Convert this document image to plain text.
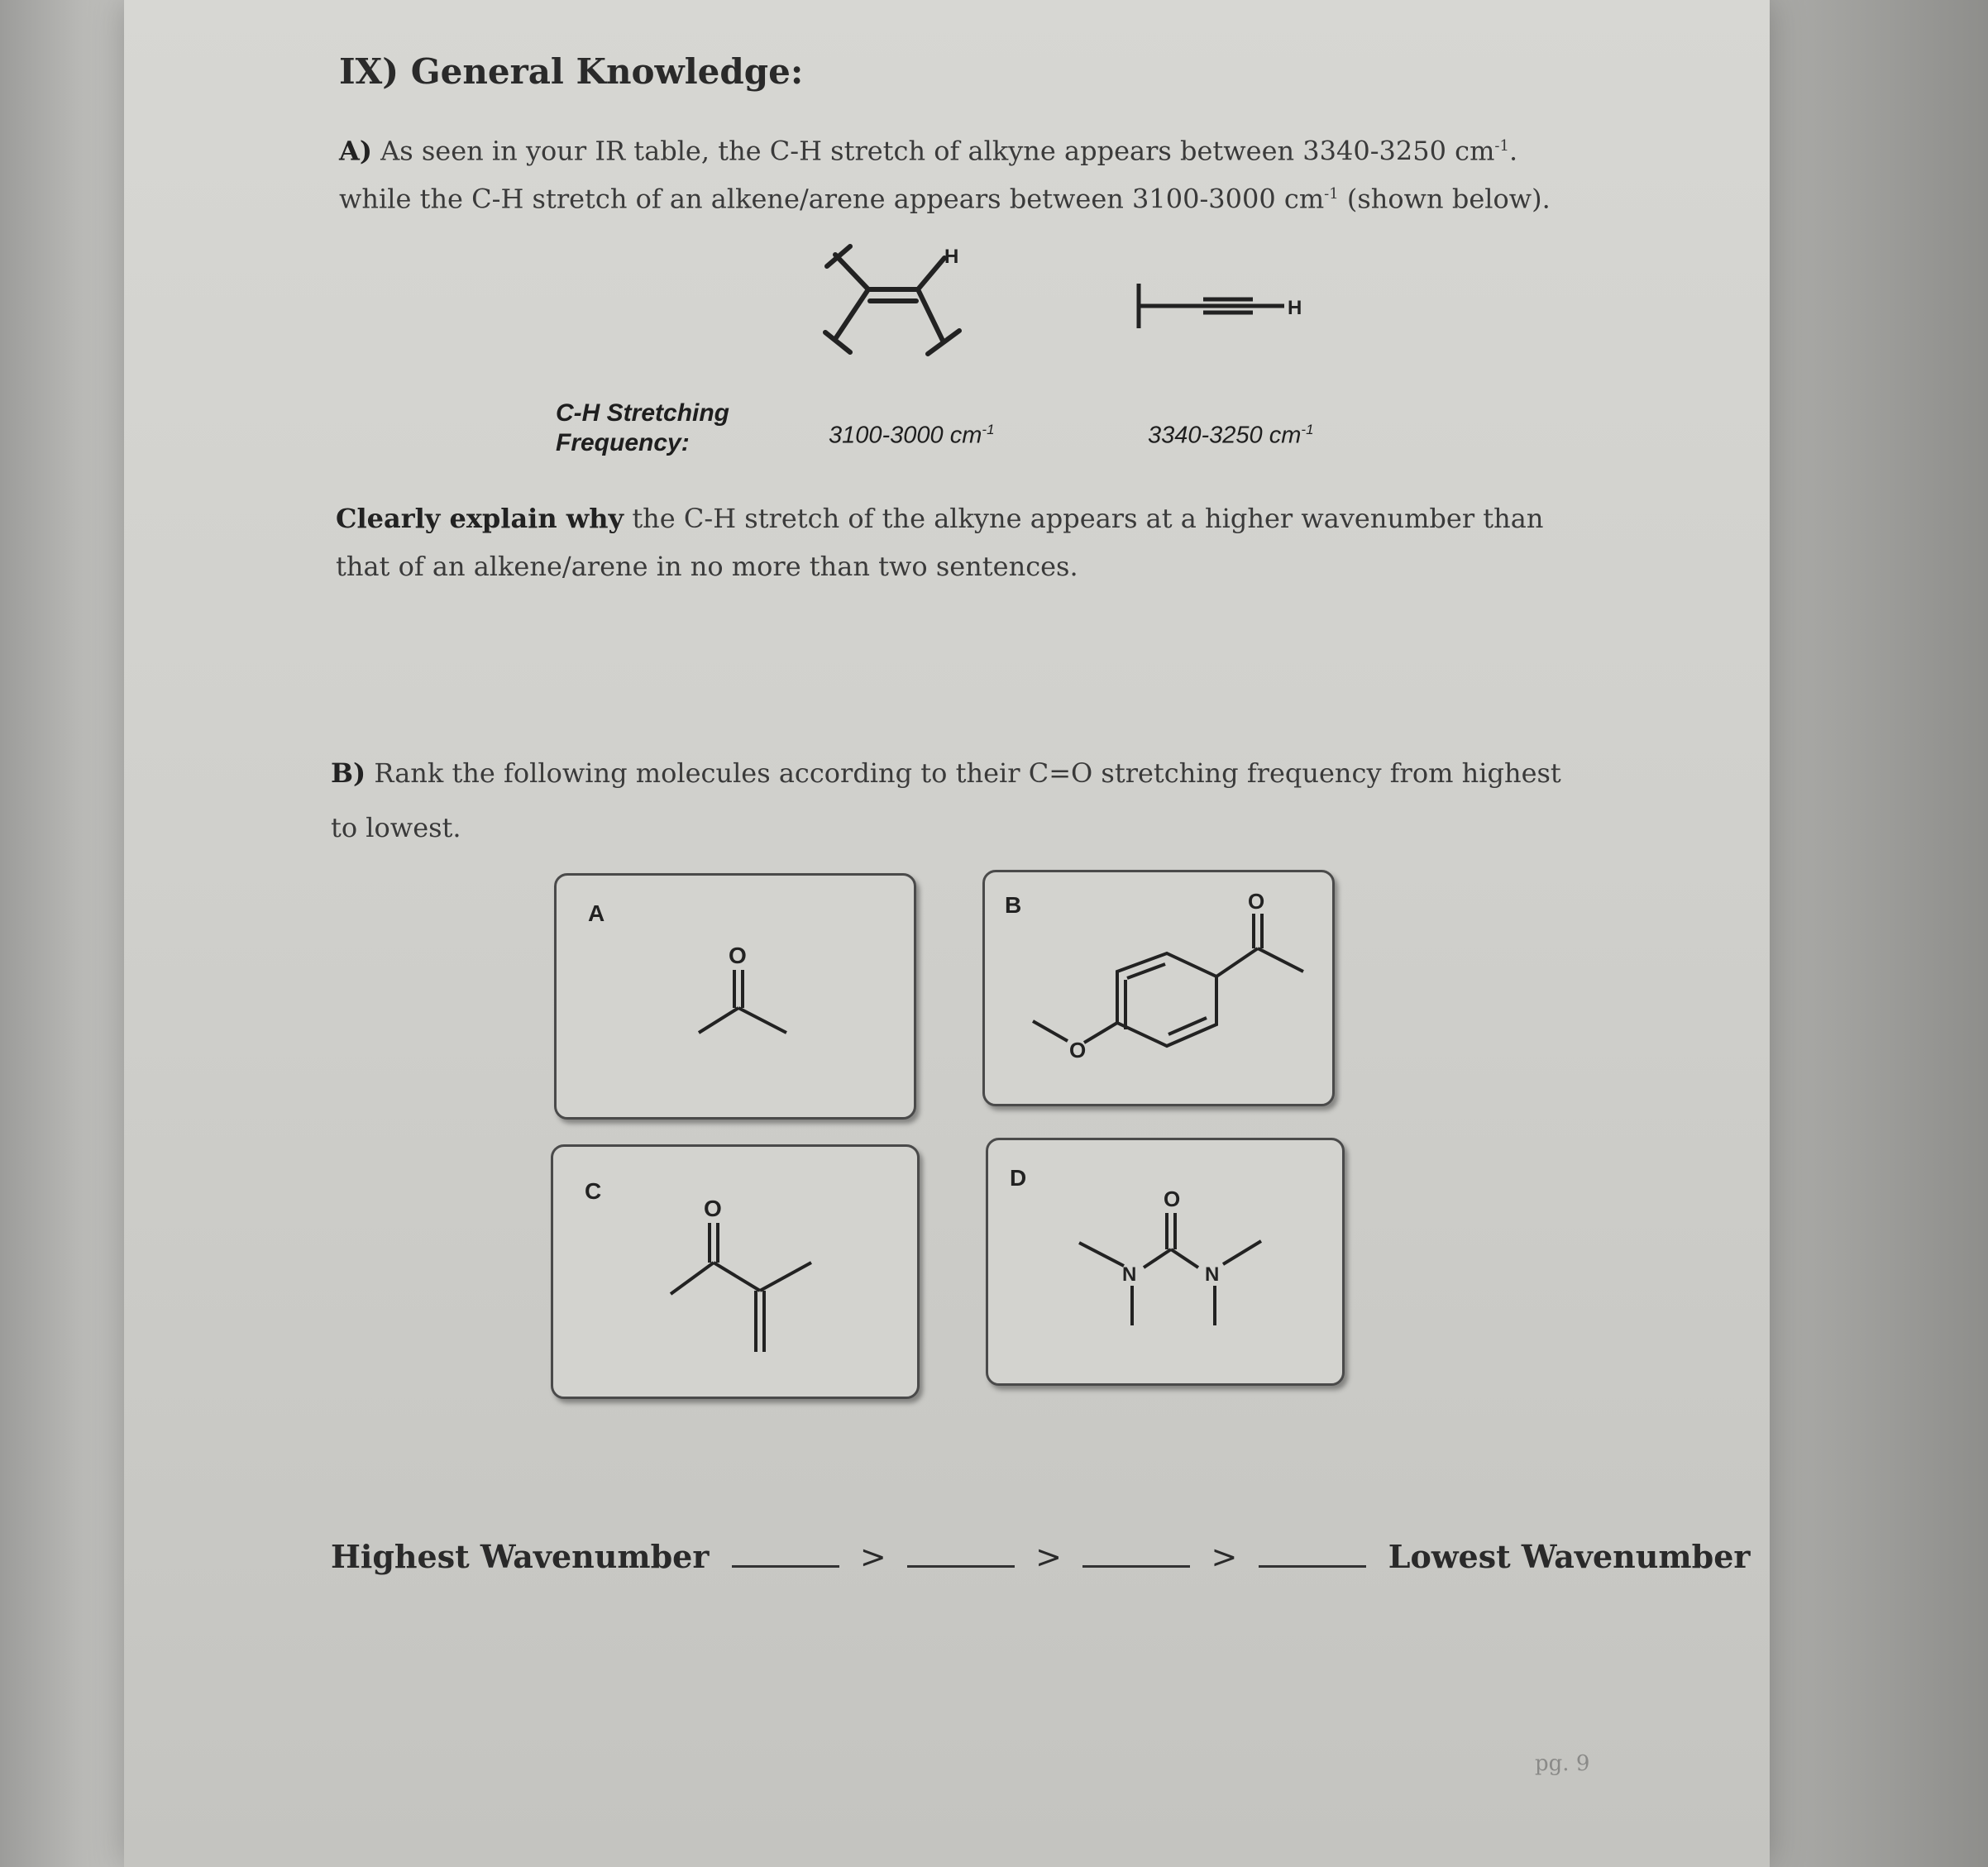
IX) General Knowledge:
A) As seen in your IR table, the C-H stretch of alkyne appears between 3340-3250 $cm^{-1}$.
while the C-H stretch of an alkene/arene appears between 3100-3000 $cm^{-1}$ (shown below).
H
H
C-H Stretching
Frequency:	3100-3000 $cm^{-1}$	3340-3250 $cm^{-1}$
Clearly explain why the C-H stretch of the alkyne appears at a higher wavenumber than
that of an alkene/arene in no more than two sentences.
B) Rank the following molecules according to their C=O stretching frequency from highest
to lowest.
A
O
B	O
O
C
O
D
O
N	N
Highest Wavenumber	>	>	>	Lowest Wavenumber
pg. 9
